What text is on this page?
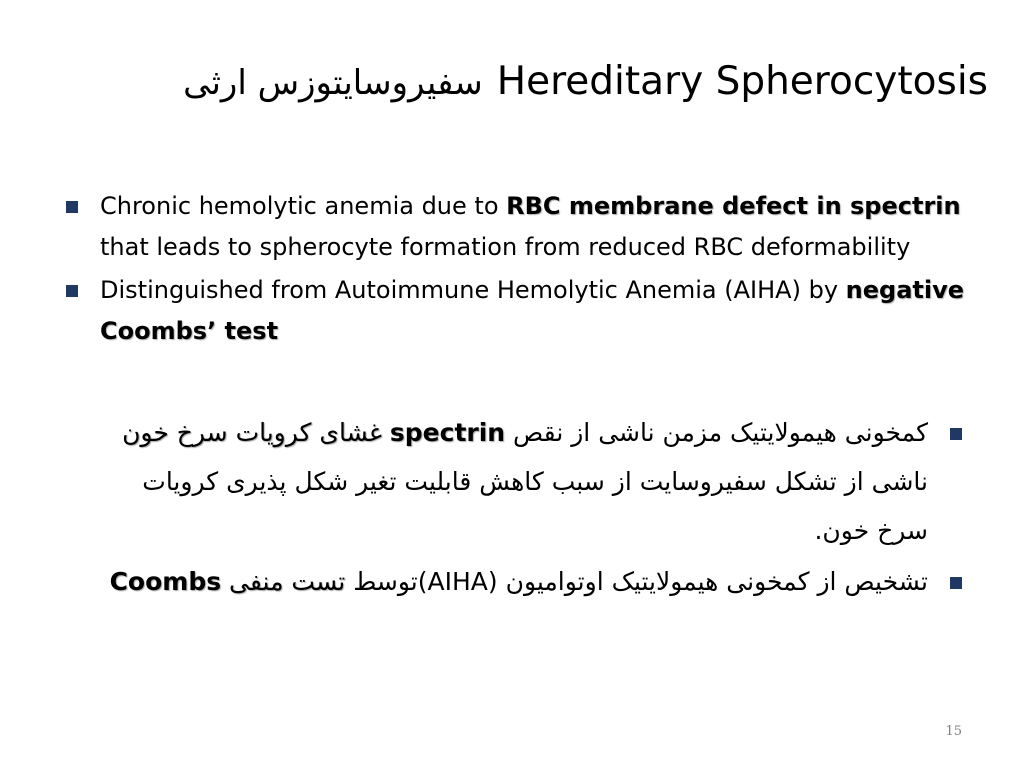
سفیروسایتوزس ارثی Hereditary Spherocytosis
Chronic hemolytic anemia due to RBC membrane defect in spectrin that leads to spherocyte formation from reduced RBC deformability
Distinguished from Autoimmune Hemolytic Anemia (AIHA) by negative Coombs’ test
کمخونی هیمولایتیک مزمن ناشی از نقص spectrin غشای کرویات سرخ خون ناشی از تشکل سفیروسایت از سبب کاهش قابلیت تغیر شکل پذیری کرویات سرخ خون.
تشخیص از کمخونی هیمولایتیک اوتوامیون (AIHA)توسط تست منفی Coombs
15
